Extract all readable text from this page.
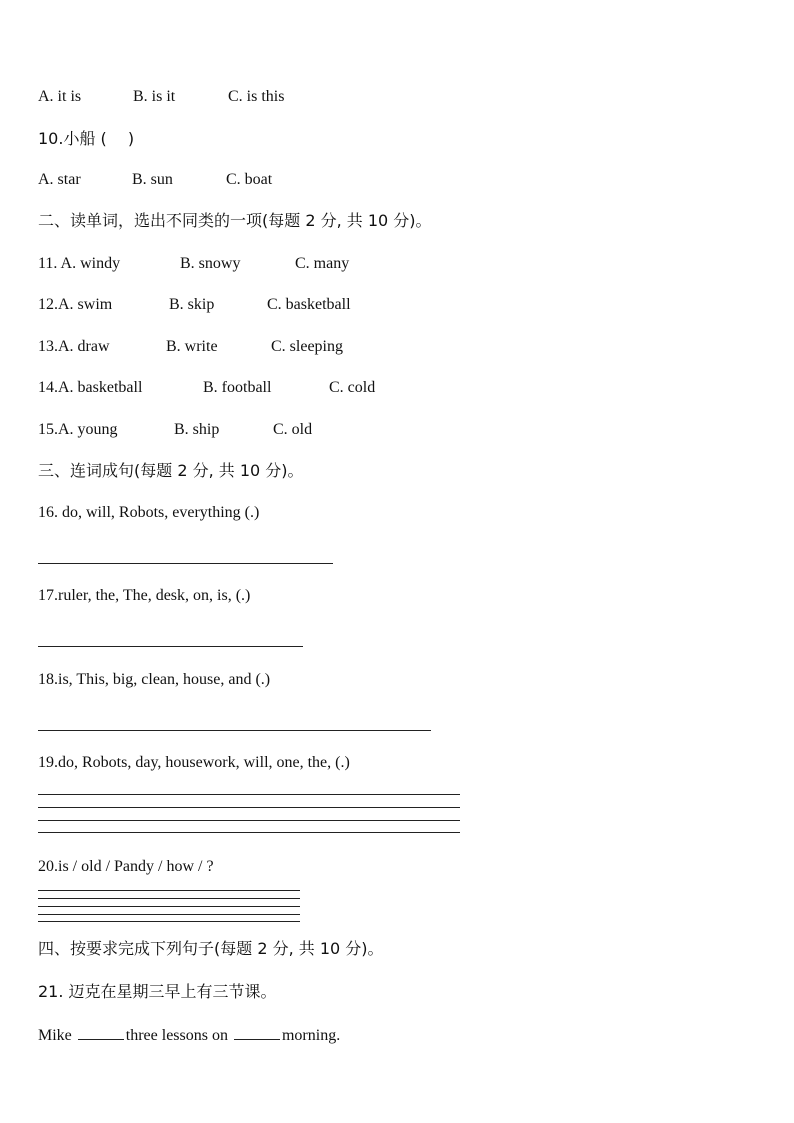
A. it is	B. is it	C. is this
10.小船 (　 )
A. star	B. sun	C. boat
二、读单词，选出不同类的一项(每题 2 分, 共 10 分)。
11. A. windy	B. snowy	C. many
12.A. swim	B. skip	C. basketball
13.A. draw	B. write	C. sleeping
14.A. basketball	B. football	C. cold
15.A. young	B. ship	C. old
三、连词成句(每题 2 分, 共 10 分)。
16. do, will, Robots, everything (.)
17.ruler, the, The, desk, on, is, (.)
18.is, This, big, clean, house, and (.)
19.do, Robots, day, housework, will, one, the, (.)
20.is / old / Pandy / how / ?
四、按要求完成下列句子(每题 2 分, 共 10 分)。
21. 迈克在星期三早上有三节课。
Mike	three lessons on	morning.
